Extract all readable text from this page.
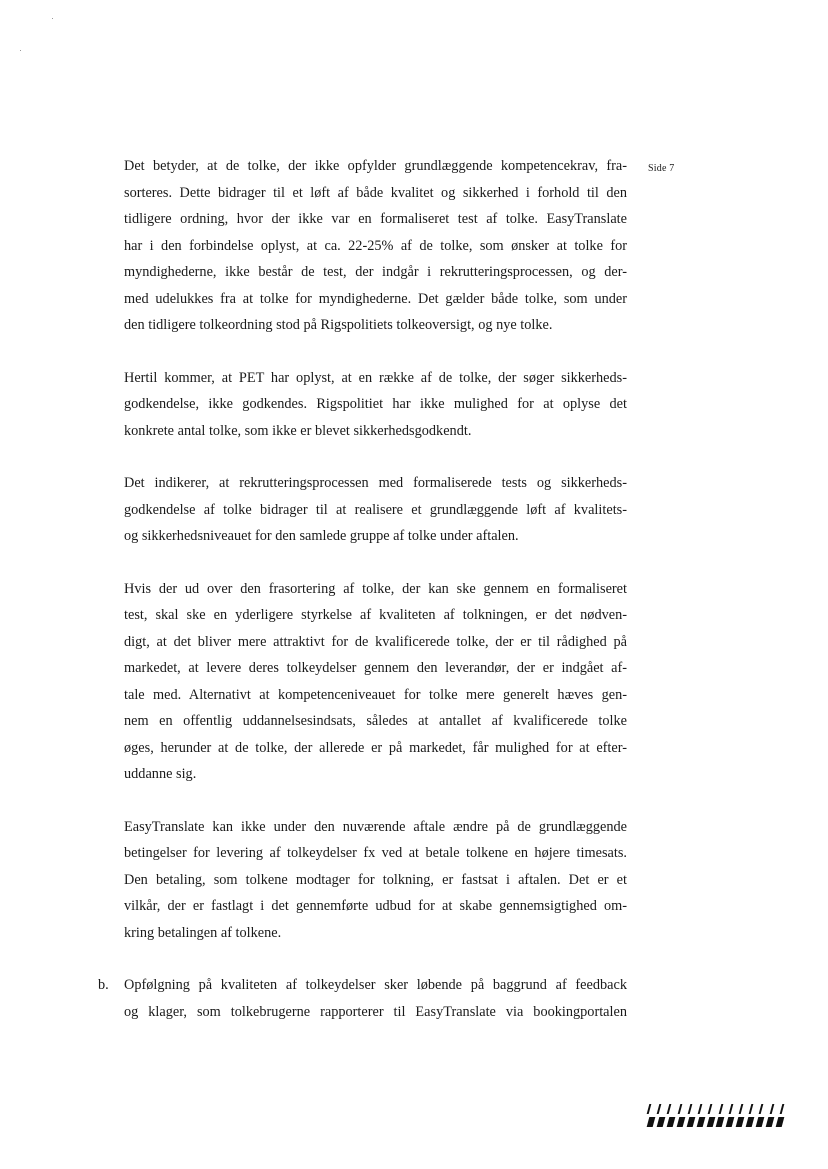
Side 7

Det betyder, at de tolke, der ikke opfylder grundlæggende kompetencekrav, fra-
sorteres. Dette bidrager til et løft af både kvalitet og sikkerhed i forhold til den
tidligere ordning, hvor der ikke var en formaliseret test af tolke. EasyTranslate
har i den forbindelse oplyst, at ca. 22-25% af de tolke, som ønsker at tolke for
myndighederne, ikke består de test, der indgår i rekrutteringsprocessen, og der-
med udelukkes fra at tolke for myndighederne. Det gælder både tolke, som under
den tidligere tolkeordning stod på Rigspolitiets tolkeoversigt, og nye tolke.

Hertil kommer, at PET har oplyst, at en række af de tolke, der søger sikkerheds-
godkendelse, ikke godkendes. Rigspolitiet har ikke mulighed for at oplyse det
konkrete antal tolke, som ikke er blevet sikkerhedsgodkendt.

Det indikerer, at rekrutteringsprocessen med formaliserede tests og sikkerheds-
godkendelse af tolke bidrager til at realisere et grundlæggende løft af kvalitets-
og sikkerhedsniveauet for den samlede gruppe af tolke under aftalen.

Hvis der ud over den frasortering af tolke, der kan ske gennem en formaliseret
test, skal ske en yderligere styrkelse af kvaliteten af tolkningen, er det nødven-
digt, at det bliver mere attraktivt for de kvalificerede tolke, der er til rådighed på
markedet, at levere deres tolkeydelser gennem den leverandør, der er indgået af-
tale med. Alternativt at kompetenceniveauet for tolke mere generelt hæves gen-
nem en offentlig uddannelsesindsats, således at antallet af kvalificerede tolke
øges, herunder at de tolke, der allerede er på markedet, får mulighed for at efter-
uddanne sig.

EasyTranslate kan ikke under den nuværende aftale ændre på de grundlæggende
betingelser for levering af tolkeydelser fx ved at betale tolkene en højere timesats.
Den betaling, som tolkene modtager for tolkning, er fastsat i aftalen. Det er et
vilkår, der er fastlagt i det gennemførte udbud for at skabe gennemsigtighed om-
kring betalingen af tolkene.

b. Opfølgning på kvaliteten af tolkeydelser sker løbende på baggrund af feedback
og klager, som tolkebrugerne rapporterer til EasyTranslate via bookingportalen
